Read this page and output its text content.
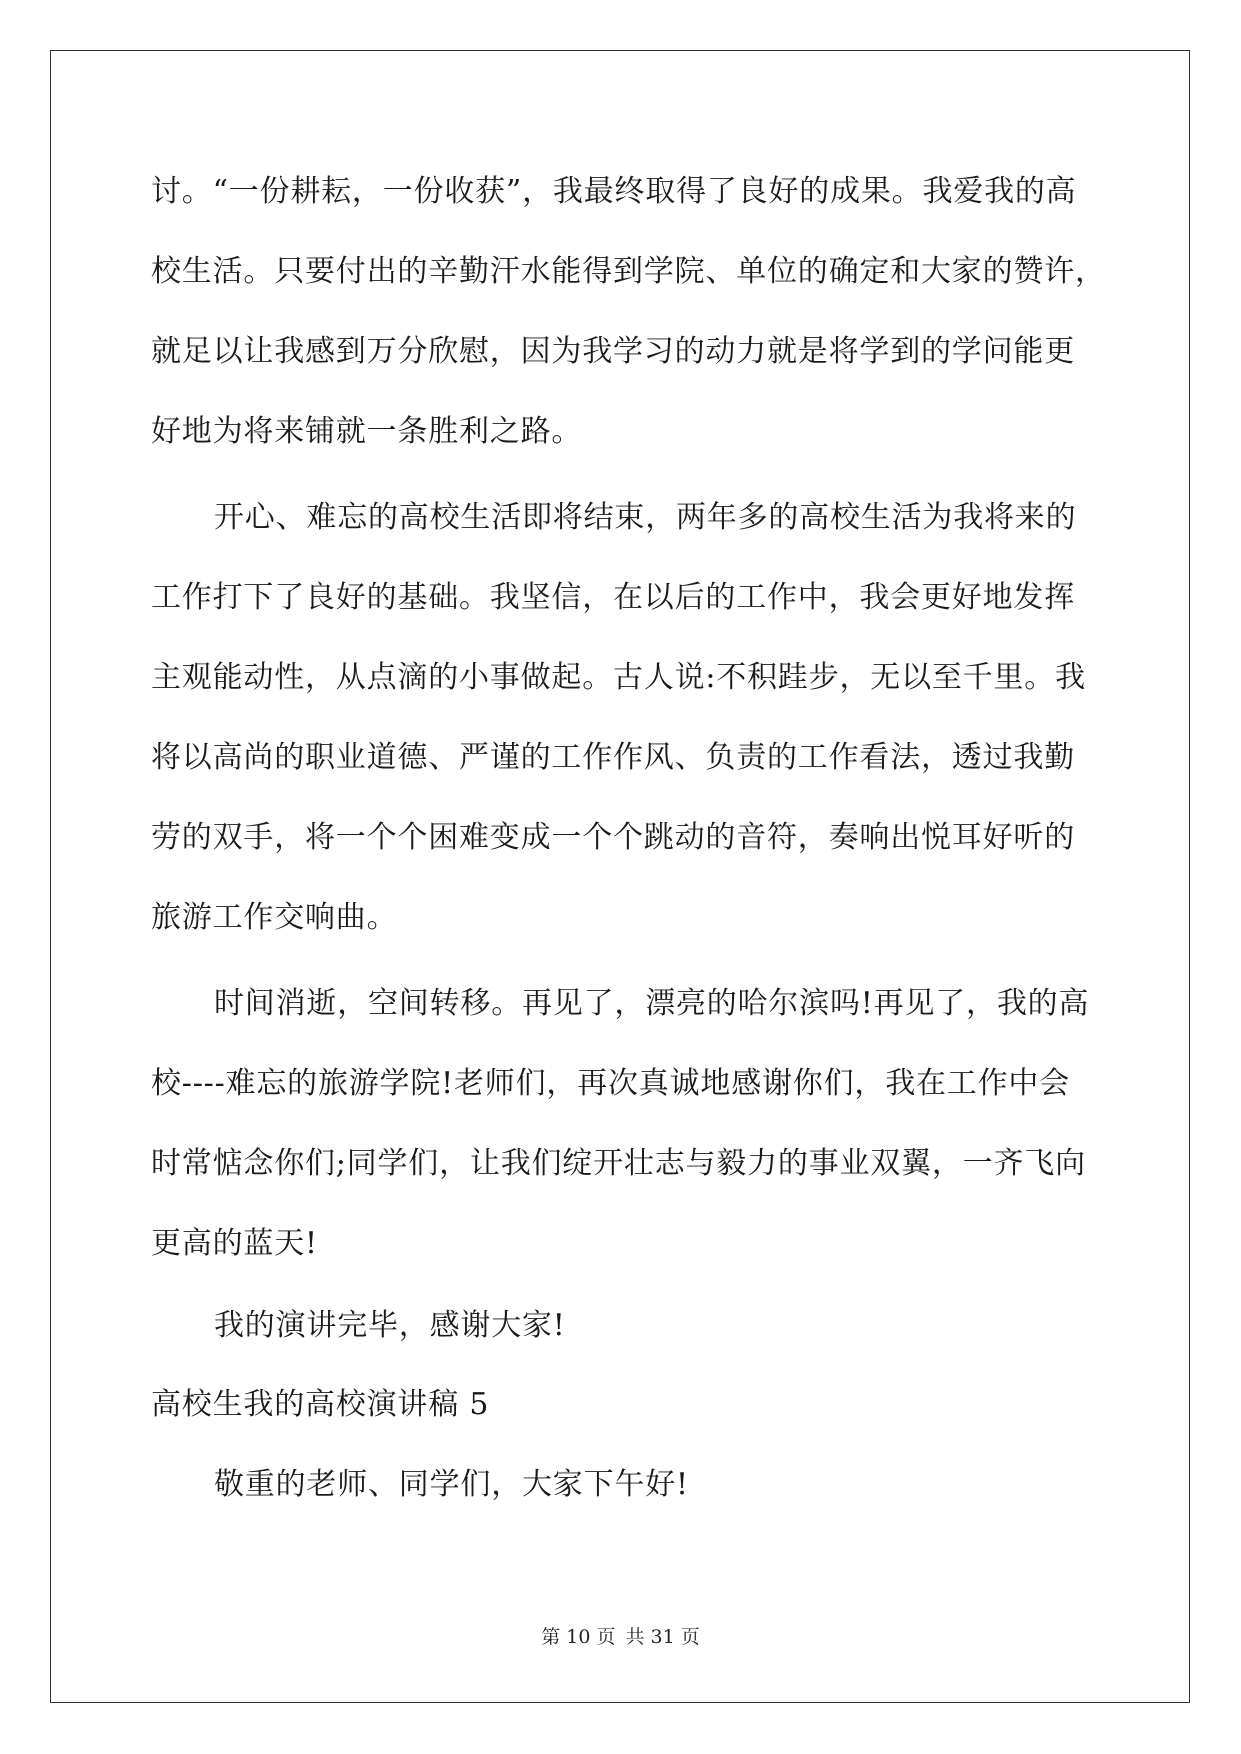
讨。“一份耕耘，一份收获”，我最终取得了良好的成果。我爱我的高
校生活。只要付出的辛勤汗水能得到学院、单位的确定和大家的赞许，
就足以让我感到万分欣慰，因为我学习的动力就是将学到的学问能更
好地为将来铺就一条胜利之路。
开心、难忘的高校生活即将结束，两年多的高校生活为我将来的
工作打下了良好的基础。我坚信，在以后的工作中，我会更好地发挥
主观能动性，从点滴的小事做起。古人说:不积跬步，无以至千里。我
将以高尚的职业道德、严谨的工作作风、负责的工作看法，透过我勤
劳的双手，将一个个困难变成一个个跳动的音符，奏响出悦耳好听的
旅游工作交响曲。
时间消逝，空间转移。再见了，漂亮的哈尔滨吗!再见了，我的高
校----难忘的旅游学院!老师们，再次真诚地感谢你们，我在工作中会
时常惦念你们;同学们，让我们绽开壮志与毅力的事业双翼，一齐飞向
更高的蓝天!
我的演讲完毕，感谢大家!
高校生我的高校演讲稿 5
敬重的老师、同学们，大家下午好!
第 10 页 共 31 页
